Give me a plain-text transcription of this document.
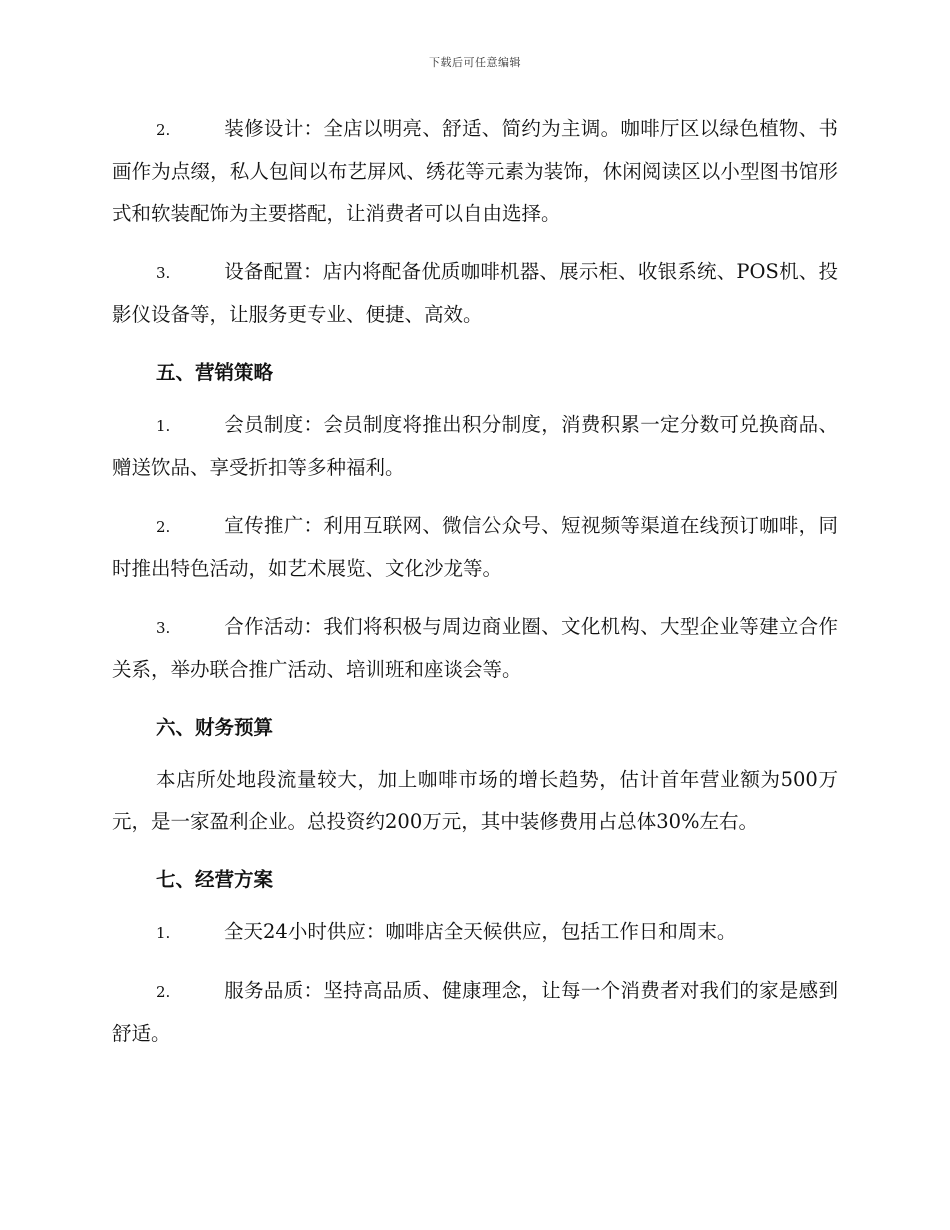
下载后可任意编辑

2.	装修设计：全店以明亮、舒适、简约为主调。咖啡厅区以绿色植物、书画作为点缀，私人包间以布艺屏风、绣花等元素为装饰，休闲阅读区以小型图书馆形式和软装配饰为主要搭配，让消费者可以自由选择。

3.	设备配置：店内将配备优质咖啡机器、展示柜、收银系统、POS机、投影仪设备等，让服务更专业、便捷、高效。

五、营销策略

1.	会员制度：会员制度将推出积分制度，消费积累一定分数可兑换商品、赠送饮品、享受折扣等多种福利。

2.	宣传推广：利用互联网、微信公众号、短视频等渠道在线预订咖啡，同时推出特色活动，如艺术展览、文化沙龙等。

3.	合作活动：我们将积极与周边商业圈、文化机构、大型企业等建立合作关系，举办联合推广活动、培训班和座谈会等。

六、财务预算

本店所处地段流量较大，加上咖啡市场的增长趋势，估计首年营业额为500万元，是一家盈利企业。总投资约200万元，其中装修费用占总体30%左右。

七、经营方案

1.	全天24小时供应：咖啡店全天候供应，包括工作日和周末。

2.	服务品质：坚持高品质、健康理念，让每一个消费者对我们的家是感到舒适。
